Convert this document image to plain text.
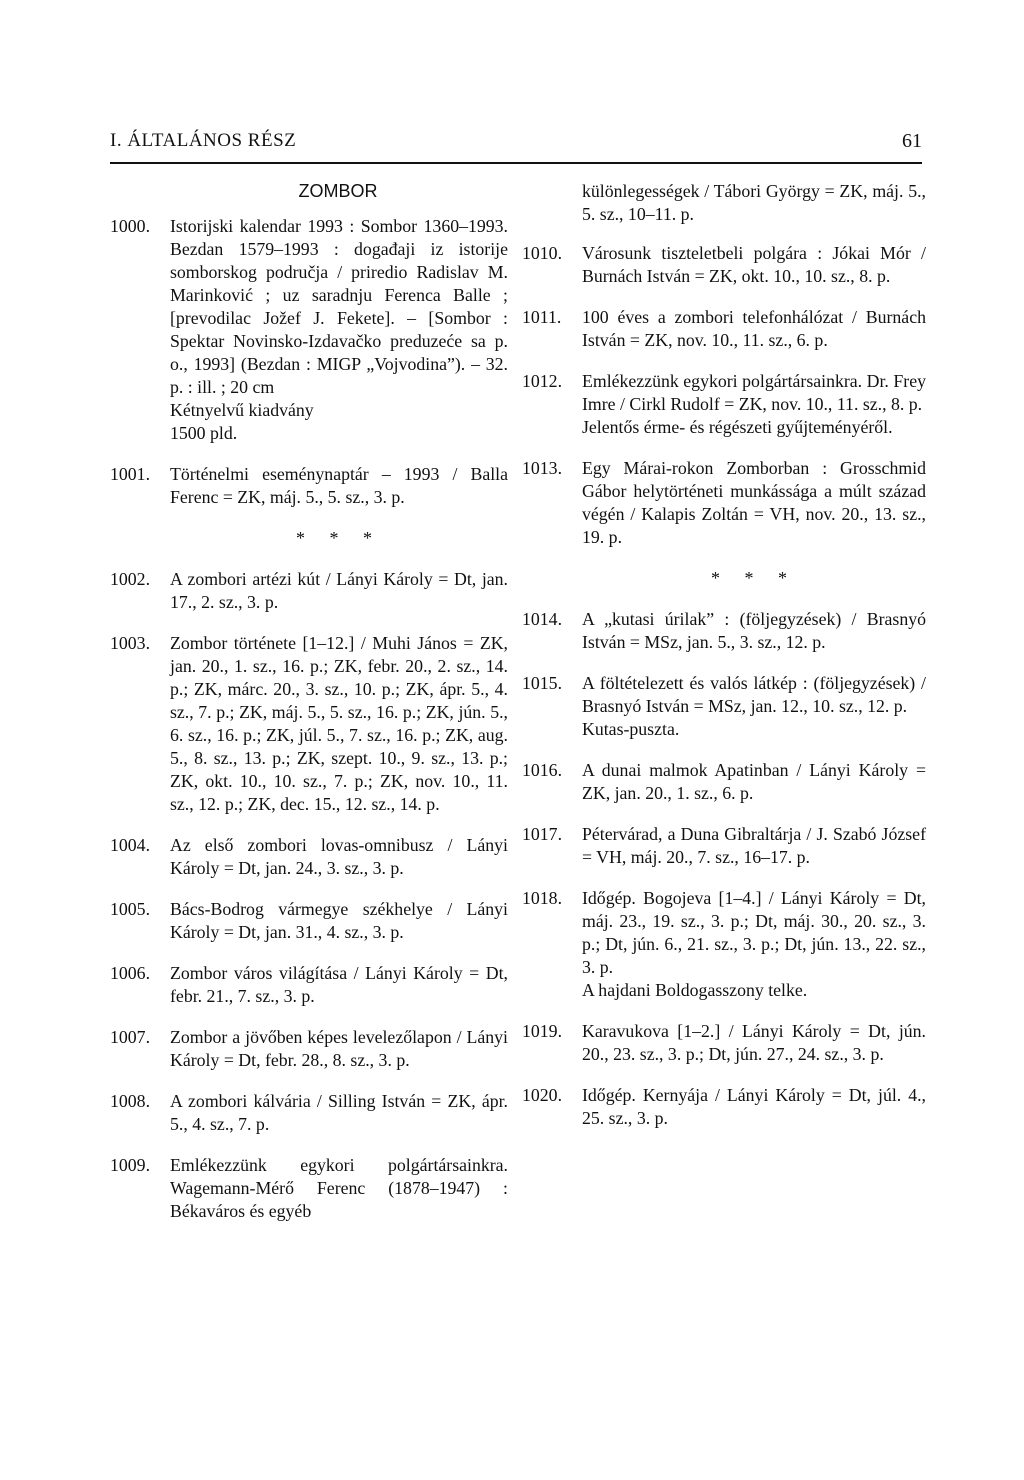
I. ÁLTALÁNOS RÉSZ	61
ZOMBOR
1000.	Istorijski kalendar 1993 : Sombor 1360–1993. Bezdan 1579–1993 : događaji iz istorije somborskog područja / priredio Radislav M. Marinković ; uz saradnju Ferenca Balle ; [prevodilac Jožef J. Fekete]. – [Sombor : Spektar Novinsko-Izdavačko preduzeće sa p. o., 1993] (Bezdan : MIGP „Vojvodina”). – 32. p. : ill. ; 20 cm
Kétnyelvű kiadvány
1500 pld.
1001.	Történelmi eseménynaptár – 1993 / Balla Ferenc = ZK, máj. 5., 5. sz., 3. p.
* * *
1002.	A zombori artézi kút / Lányi Károly = Dt, jan. 17., 2. sz., 3. p.
1003.	Zombor története [1–12.] / Muhi János = ZK, jan. 20., 1. sz., 16. p.; ZK, febr. 20., 2. sz., 14. p.; ZK, márc. 20., 3. sz., 10. p.; ZK, ápr. 5., 4. sz., 7. p.; ZK, máj. 5., 5. sz., 16. p.; ZK, jún. 5., 6. sz., 16. p.; ZK, júl. 5., 7. sz., 16. p.; ZK, aug. 5., 8. sz., 13. p.; ZK, szept. 10., 9. sz., 13. p.; ZK, okt. 10., 10. sz., 7. p.; ZK, nov. 10., 11. sz., 12. p.; ZK, dec. 15., 12. sz., 14. p.
1004.	Az első zombori lovas-omnibusz / Lányi Károly = Dt, jan. 24., 3. sz., 3. p.
1005.	Bács-Bodrog vármegye székhelye / Lányi Károly = Dt, jan. 31., 4. sz., 3. p.
1006.	Zombor város világítása / Lányi Károly = Dt, febr. 21., 7. sz., 3. p.
1007.	Zombor a jövőben képes levelezőlapon / Lányi Károly = Dt, febr. 28., 8. sz., 3. p.
1008.	A zombori kálvária / Silling István = ZK, ápr. 5., 4. sz., 7. p.
1009.	Emlékezzünk egykori polgártársainkra. Wagemann-Mérő Ferenc (1878–1947) : Békaváros és egyéb
különlegességek / Tábori György = ZK, máj. 5., 5. sz., 10–11. p.
1010.	Városunk tiszteletbeli polgára : Jókai Mór / Burnách István = ZK, okt. 10., 10. sz., 8. p.
1011.	100 éves a zombori telefonhálózat / Burnách István = ZK, nov. 10., 11. sz., 6. p.
1012.	Emlékezzünk egykori polgártársainkra. Dr. Frey Imre / Cirkl Rudolf = ZK, nov. 10., 11. sz., 8. p.
Jelentős érme- és régészeti gyűjteményéről.
1013.	Egy Márai-rokon Zomborban : Grosschmid Gábor helytörténeti munkássága a múlt század végén / Kalapis Zoltán = VH, nov. 20., 13. sz., 19. p.
* * *
1014.	A „kutasi úrilak” : (följegyzések) / Brasnyó István = MSz, jan. 5., 3. sz., 12. p.
1015.	A föltételezett és valós látkép : (följegyzések) / Brasnyó István = MSz, jan. 12., 10. sz., 12. p.
Kutas-puszta.
1016.	A dunai malmok Apatinban / Lányi Károly = ZK, jan. 20., 1. sz., 6. p.
1017.	Pétervárad, a Duna Gibraltárja / J. Szabó József = VH, máj. 20., 7. sz., 16–17. p.
1018.	Időgép. Bogojeva [1–4.] / Lányi Károly = Dt, máj. 23., 19. sz., 3. p.; Dt, máj. 30., 20. sz., 3. p.; Dt, jún. 6., 21. sz., 3. p.; Dt, jún. 13., 22. sz., 3. p.
A hajdani Boldogasszony telke.
1019.	Karavukova [1–2.] / Lányi Károly = Dt, jún. 20., 23. sz., 3. p.; Dt, jún. 27., 24. sz., 3. p.
1020.	Időgép. Kernyája / Lányi Károly = Dt, júl. 4., 25. sz., 3. p.
